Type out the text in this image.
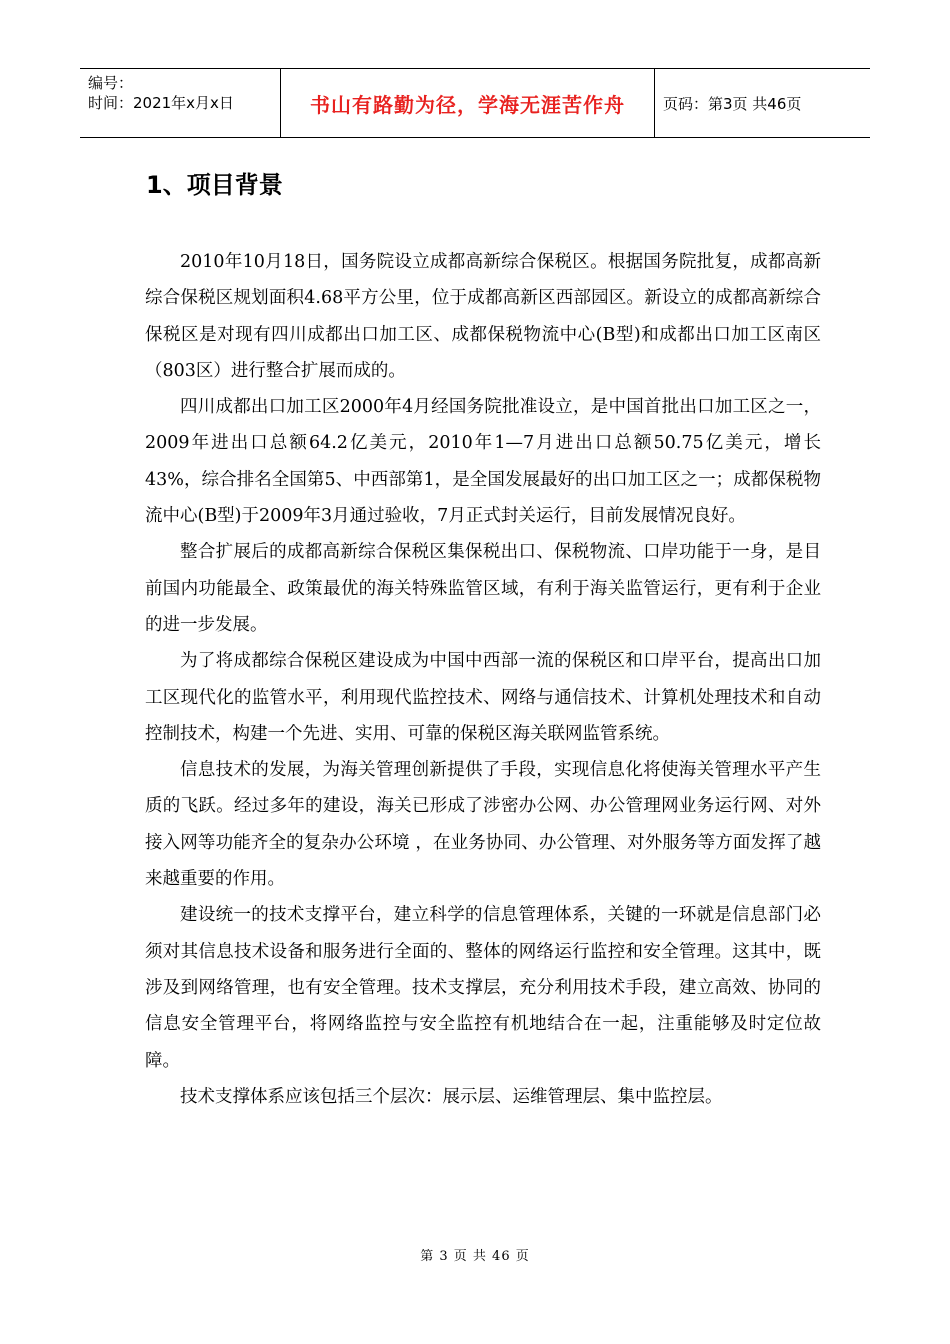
编号：
时间：2021年x月x日	书山有路勤为径，学海无涯苦作舟	页码：第3页 共46页
1、项目背景

2010年10月18日，国务院设立成都高新综合保税区。根据国务院批复，成都高新综合保税区规划面积4.68平方公里，位于成都高新区西部园区。新设立的成都高新综合保税区是对现有四川成都出口加工区、成都保税物流中心(B型)和成都出口加工区南区（803区）进行整合扩展而成的。

四川成都出口加工区2000年4月经国务院批准设立，是中国首批出口加工区之一，2009年进出口总额64.2亿美元，2010年1—7月进出口总额50.75亿美元，增长43%，综合排名全国第5、中西部第1，是全国发展最好的出口加工区之一；成都保税物流中心(B型)于2009年3月通过验收，7月正式封关运行，目前发展情况良好。

整合扩展后的成都高新综合保税区集保税出口、保税物流、口岸功能于一身，是目前国内功能最全、政策最优的海关特殊监管区域，有利于海关监管运行，更有利于企业的进一步发展。

为了将成都综合保税区建设成为中国中西部一流的保税区和口岸平台，提高出口加工区现代化的监管水平，利用现代监控技术、网络与通信技术、计算机处理技术和自动控制技术，构建一个先进、实用、可靠的保税区海关联网监管系统。

信息技术的发展，为海关管理创新提供了手段，实现信息化将使海关管理水平产生质的飞跃。经过多年的建设，海关已形成了涉密办公网、办公管理网业务运行网、对外接入网等功能齐全的复杂办公环境 ，在业务协同、办公管理、对外服务等方面发挥了越来越重要的作用。

建设统一的技术支撑平台，建立科学的信息管理体系，关键的一环就是信息部门必须对其信息技术设备和服务进行全面的、整体的网络运行监控和安全管理。这其中，既涉及到网络管理，也有安全管理。技术支撑层，充分利用技术手段，建立高效、协同的信息安全管理平台，将网络监控与安全监控有机地结合在一起，注重能够及时定位故障。

技术支撑体系应该包括三个层次：展示层、运维管理层、集中监控层。

第 3 页 共 46 页
